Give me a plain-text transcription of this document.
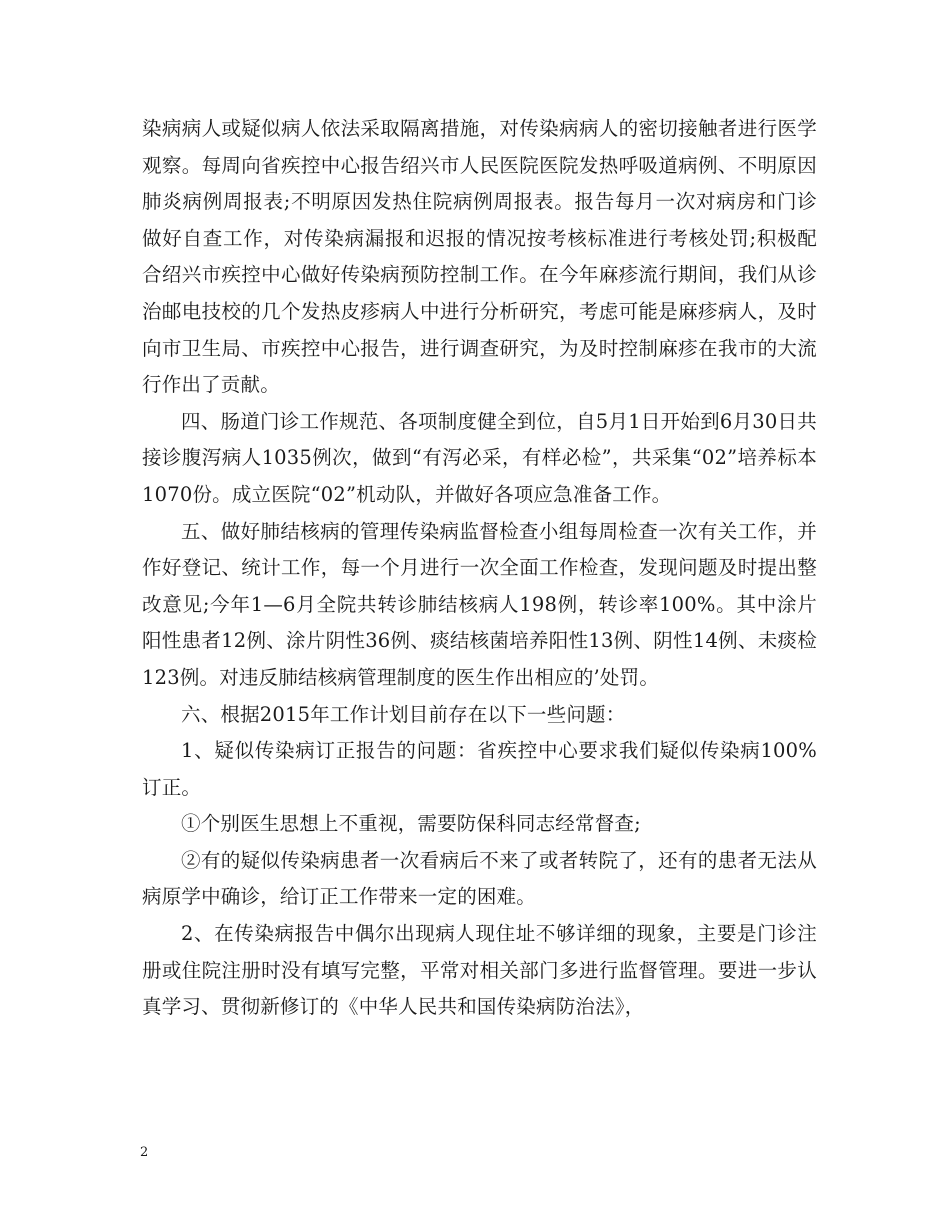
染病病人或疑似病人依法采取隔离措施，对传染病病人的密切接触者进行医学观察。每周向省疾控中心报告绍兴市人民医院医院发热呼吸道病例、不明原因肺炎病例周报表;不明原因发热住院病例周报表。报告每月一次对病房和门诊做好自查工作，对传染病漏报和迟报的情况按考核标准进行考核处罚;积极配合绍兴市疾控中心做好传染病预防控制工作。在今年麻疹流行期间，我们从诊治邮电技校的几个发热皮疹病人中进行分析研究，考虑可能是麻疹病人，及时向市卫生局、市疾控中心报告，进行调查研究，为及时控制麻疹在我市的大流行作出了贡献。

四、肠道门诊工作规范、各项制度健全到位，自5月1日开始到6月30日共接诊腹泻病人1035例次，做到“有泻必采，有样必检”，共采集“02”培养标本1070份。成立医院“02”机动队，并做好各项应急准备工作。

五、做好肺结核病的管理传染病监督检查小组每周检查一次有关工作，并作好登记、统计工作，每一个月进行一次全面工作检查，发现问题及时提出整改意见;今年1—6月全院共转诊肺结核病人198例，转诊率100%。其中涂片阳性患者12例、涂片阴性36例、痰结核菌培养阳性13例、阴性14例、未痰检123例。对违反肺结核病管理制度的医生作出相应的’处罚。

六、根据2015年工作计划目前存在以下一些问题：

1、疑似传染病订正报告的问题：省疾控中心要求我们疑似传染病100%订正。

①个别医生思想上不重视，需要防保科同志经常督查;

②有的疑似传染病患者一次看病后不来了或者转院了，还有的患者无法从病原学中确诊，给订正工作带来一定的困难。

2、在传染病报告中偶尔出现病人现住址不够详细的现象，主要是门诊注册或住院注册时没有填写完整，平常对相关部门多进行监督管理。要进一步认真学习、贯彻新修订的《中华人民共和国传染病防治法》，

2
